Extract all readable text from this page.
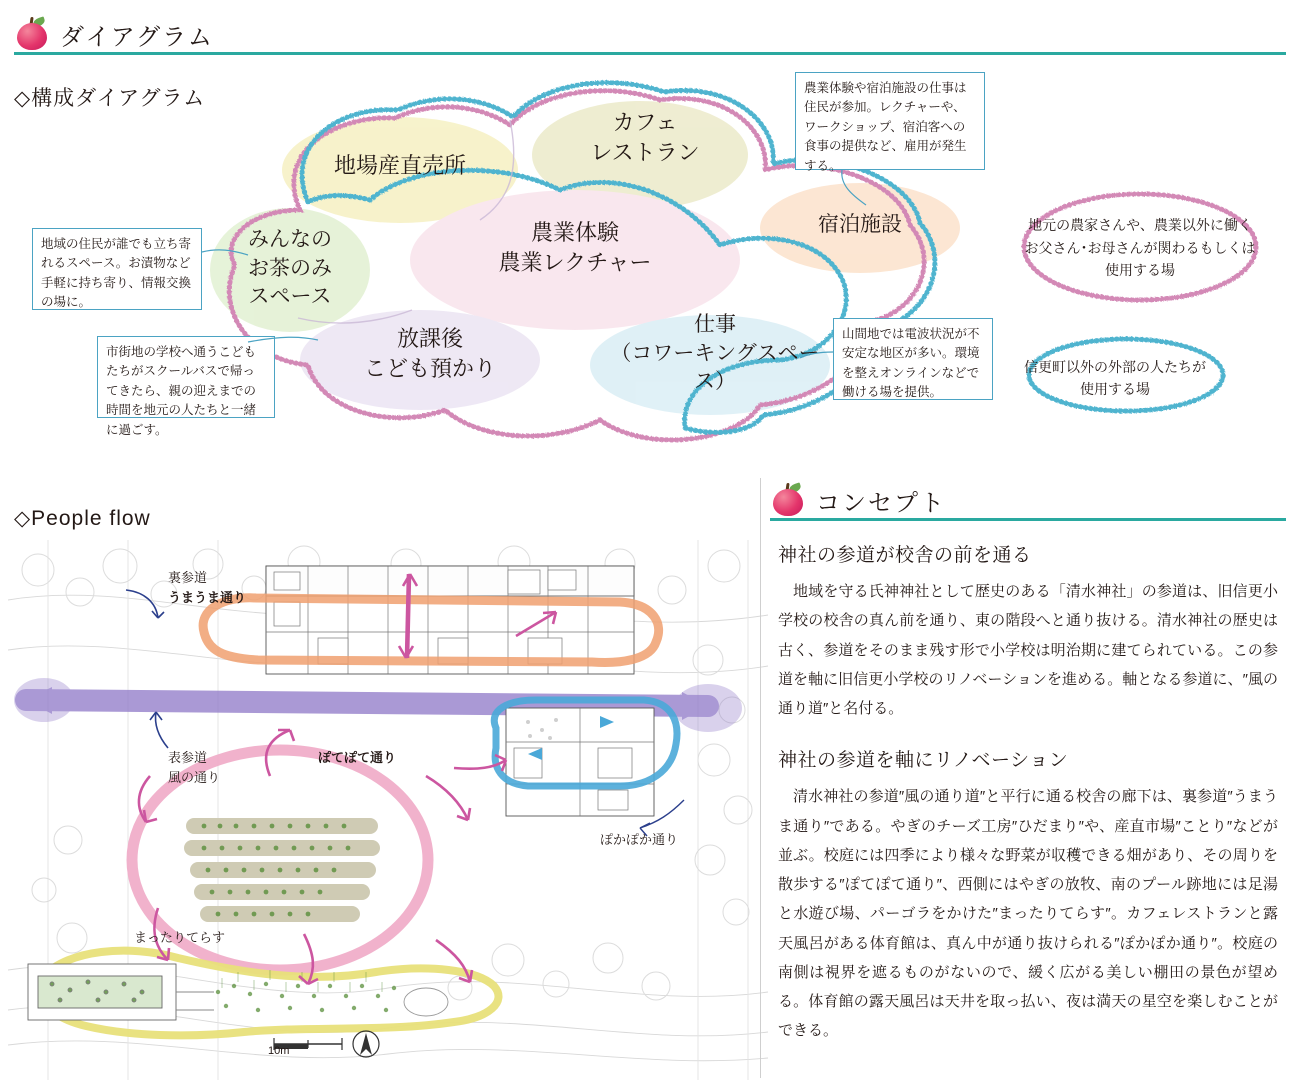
ダイアグラム
◇構成ダイアグラム
地場産直売所
カフェ
レストラン
宿泊施設
農業体験
農業レクチャー
みんなの
お茶のみ
スペース
放課後
こども預かり
仕事
（コワーキングスペース）
農業体験や宿泊施設の仕事は住民が参加。レクチャーや、ワークショップ、宿泊客への食事の提供など、雇用が発生する。
地域の住民が誰でも立ち寄れるスペース。お漬物など手軽に持ち寄り、情報交換の場に。
市街地の学校へ通うこどもたちがスクールバスで帰ってきたら、親の迎えまでの時間を地元の人たちと一緒に過ごす。
山間地では電波状況が不安定な地区が多い。環境を整えオンラインなどで働ける場を提供。
地元の農家さんや、農業以外に働くお父さん･お母さんが関わるもしくは使用する場
信更町以外の外部の人たちが使用する場
◇People flow
10m
裏参道
うまうま通り
表参道
風の通り
ぽてぽて通り
ぽかぽか通り
まったりてらす
コンセプト
神社の参道が校舎の前を通る

地域を守る氏神神社として歴史のある「清水神社」の参道は、旧信更小学校の校舎の真ん前を通り、東の階段へと通り抜ける。清水神社の歴史は古く、参道をそのまま残す形で小学校は明治期に建てられている。この参道を軸に旧信更小学校のリノベーションを進める。軸となる参道に、″風の通り道″と名付る。

神社の参道を軸にリノベーション

清水神社の参道″風の通り道″と平行に通る校舎の廊下は、裏参道″うまうま通り″である。やぎのチーズ工房″ひだまり″や、産直市場″ことり″などが並ぶ。校庭には四季により様々な野菜が収穫できる畑があり、その周りを散歩する″ぽてぽて通り″、西側にはやぎの放牧、南のプール跡地には足湯と水遊び場、パーゴラをかけた″まったりてらす″。カフェレストランと露天風呂がある体育館は、真ん中が通り抜けられる″ぽかぽか通り″。校庭の南側は視界を遮るものがないので、緩く広がる美しい棚田の景色が望める。体育館の露天風呂は天井を取っ払い、夜は満天の星空を楽しむことができる。
